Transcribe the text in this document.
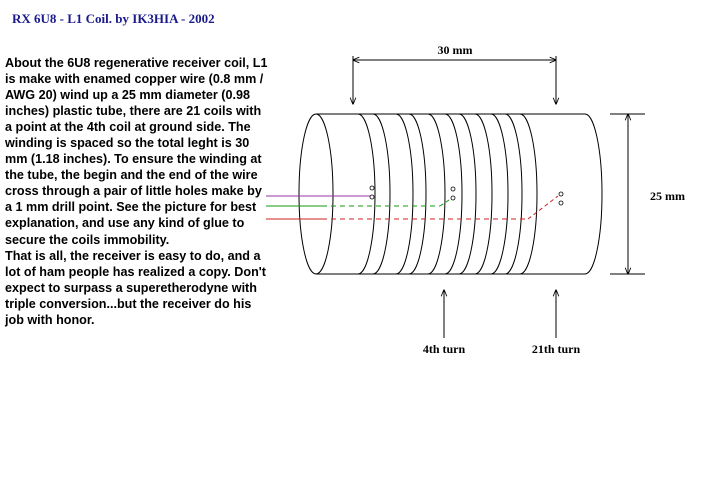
RX 6U8 - L1 Coil. by IK3HIA - 2002

About the 6U8 regenerative receiver coil, L1 is make with enamed copper wire (0.8 mm / AWG 20) wind up a 25 mm diameter (0.98 inches) plastic tube, there are 21 coils with a point at the 4th coil at ground side. The winding is spaced so the total leght is 30 mm (1.18 inches). To ensure the winding at the tube, the begin and the end of the wire cross through a pair of little holes make by a 1 mm drill point. See the picture for best explanation, and use any kind of glue to secure the coils immobility.

That is all, the receiver is easy to do, and a lot of ham people has realized a copy. Don't expect to surpass a superetherodyne with triple conversion...but the receiver do his job with honor.

30 mm
25 mm
4th turn	21th turn
